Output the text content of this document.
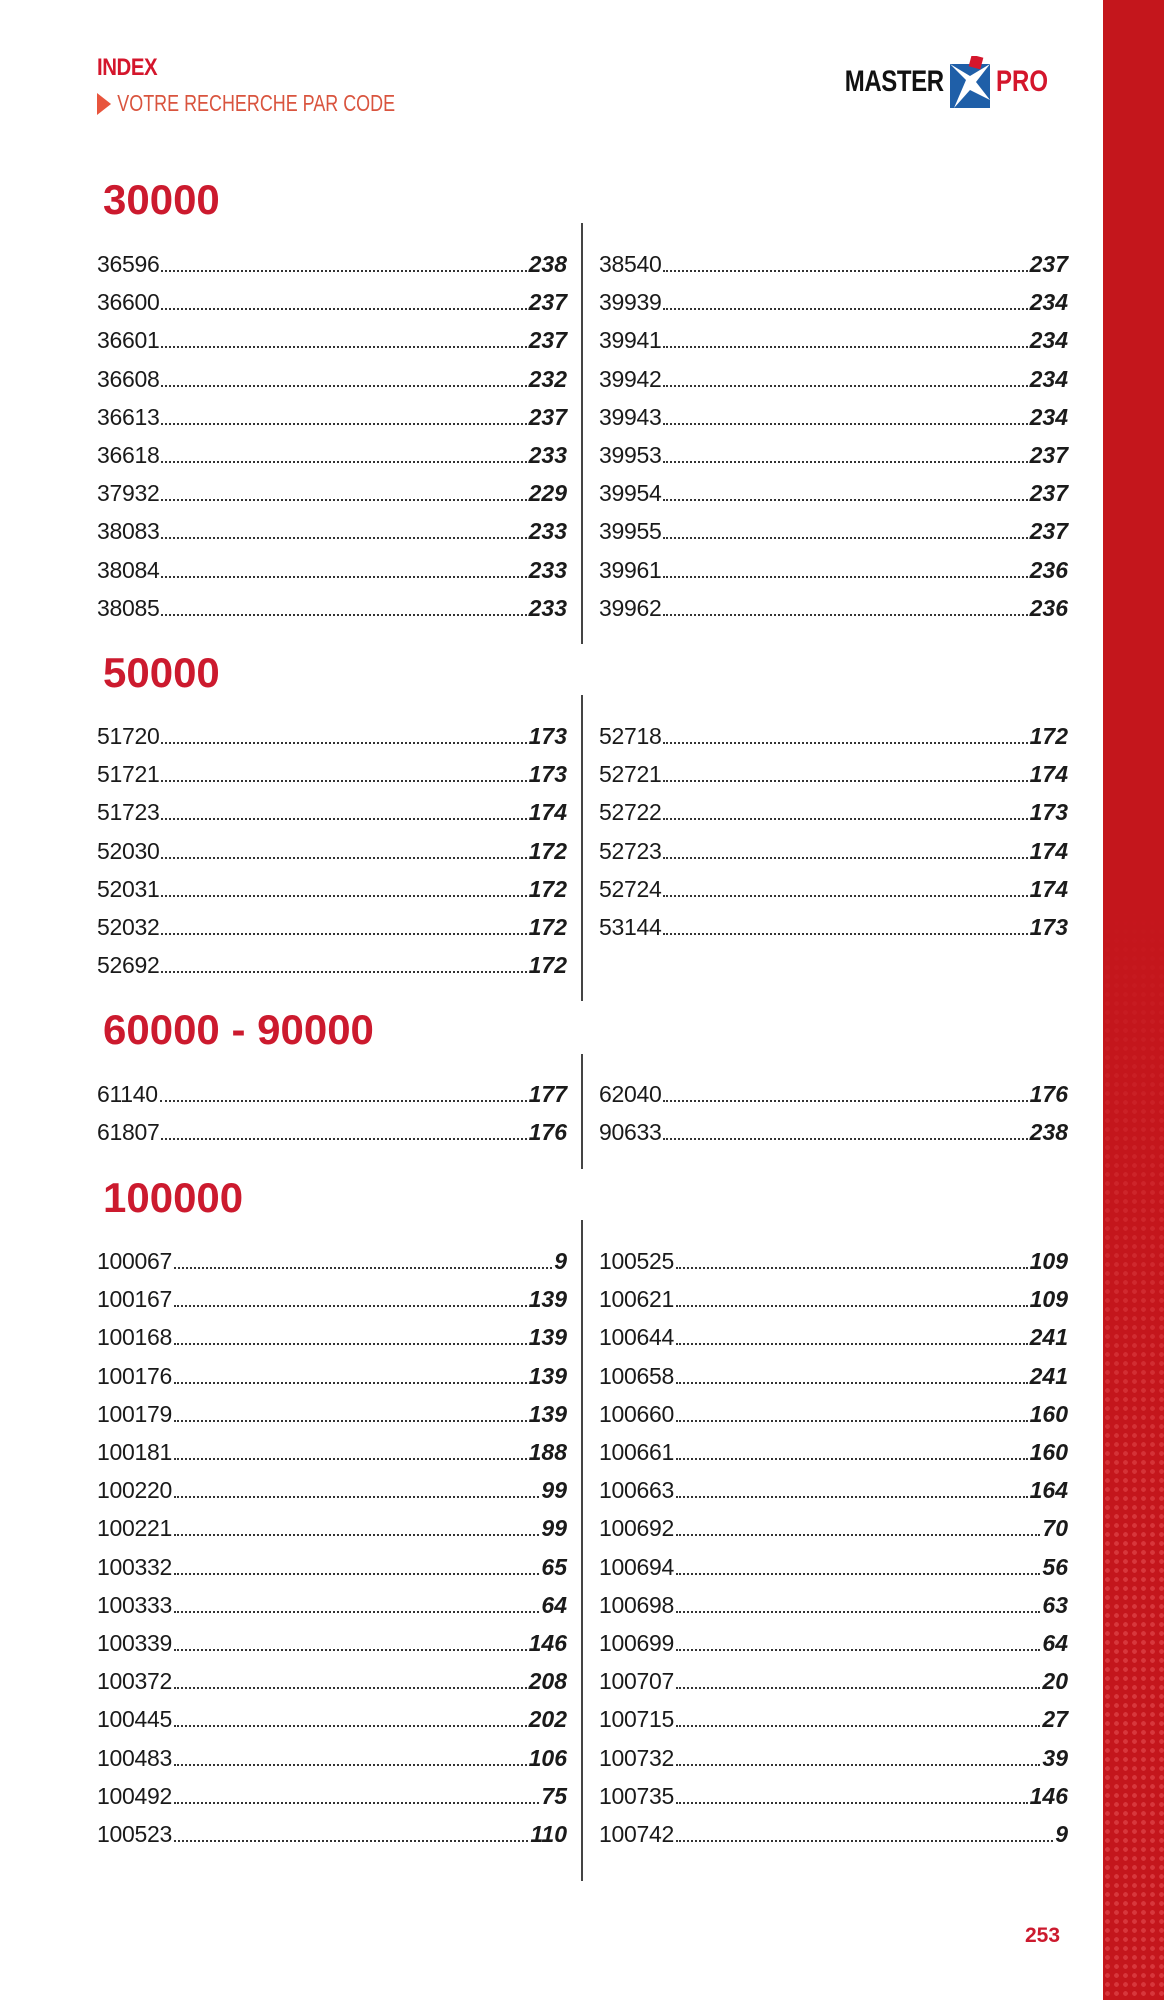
INDEX
VOTRE RECHERCHE PAR CODE
MASTER PRO
30000
36596	238
36600	237
36601	237
36608	232
36613	237
36618	233
37932	229
38083	233
38084	233
38085	233
38540	237
39939	234
39941	234
39942	234
39943	234
39953	237
39954	237
39955	237
39961	236
39962	236
50000
51720	173
51721	173
51723	174
52030	172
52031	172
52032	172
52692	172
52718	172
52721	174
52722	173
52723	174
52724	174
53144	173
60000 - 90000
61140	177
61807	176
62040	176
90633	238
100000
100067	9
100167	139
100168	139
100176	139
100179	139
100181	188
100220	99
100221	99
100332	65
100333	64
100339	146
100372	208
100445	202
100483	106
100492	75
100523	110
100525	109
100621	109
100644	241
100658	241
100660	160
100661	160
100663	164
100692	70
100694	56
100698	63
100699	64
100707	20
100715	27
100732	39
100735	146
100742	9
253
